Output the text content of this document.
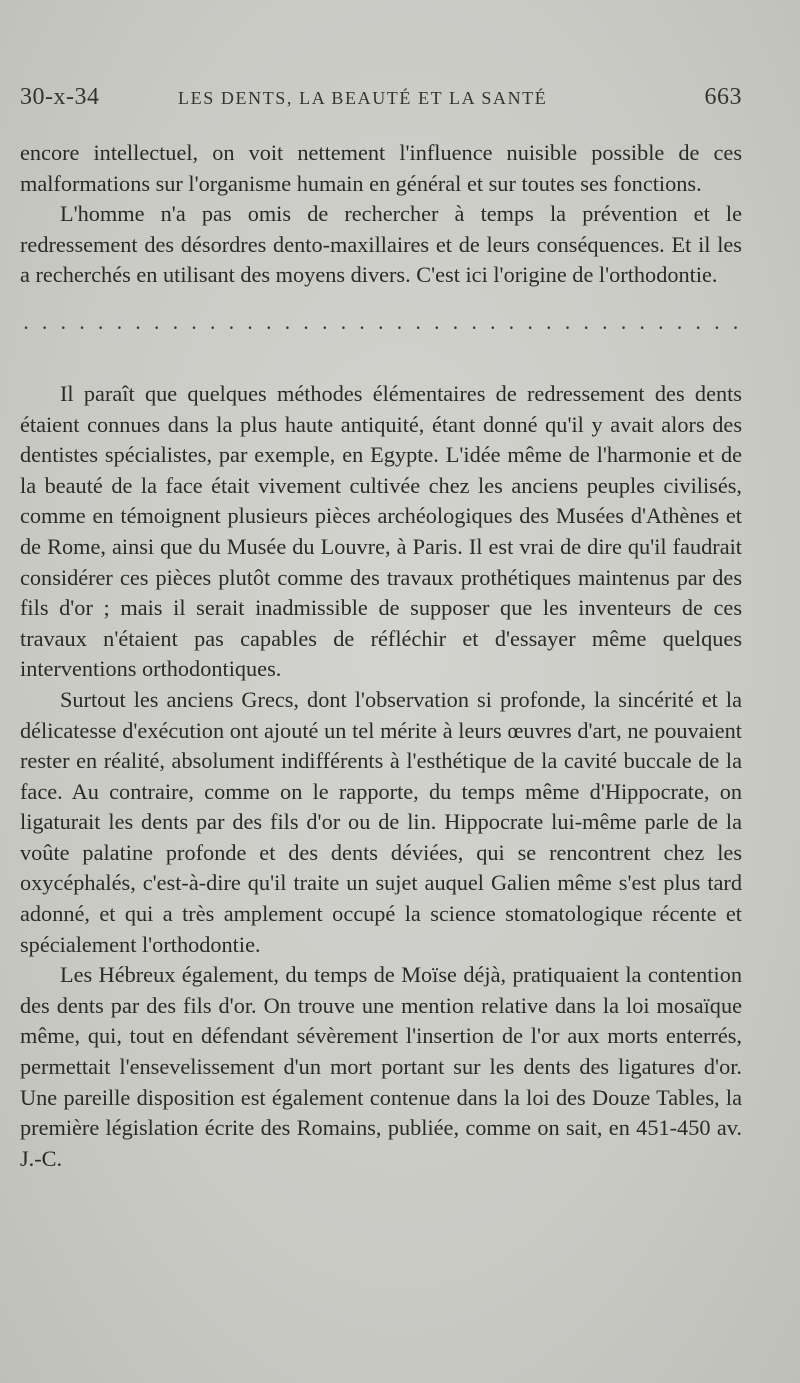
30-x-34	LES DENTS, LA BEAUTÉ ET LA SANTÉ	663

encore intellectuel, on voit nettement l'influence nuisible possible de ces malformations sur l'organisme humain en général et sur toutes ses fonctions.

L'homme n'a pas omis de rechercher à temps la prévention et le redressement des désordres dento-maxillaires et de leurs conséquences. Et il les a recherchés en utilisant des moyens divers. C'est ici l'origine de l'orthodontie.

· · · · · · · · · · · · · · · · · · · · · · · · · · · · · · · · · · · · · · ·

Il paraît que quelques méthodes élémentaires de redressement des dents étaient connues dans la plus haute antiquité, étant donné qu'il y avait alors des dentistes spécialistes, par exemple, en Egypte. L'idée même de l'harmonie et de la beauté de la face était vivement cultivée chez les anciens peuples civilisés, comme en témoignent plusieurs pièces archéologiques des Musées d'Athènes et de Rome, ainsi que du Musée du Louvre, à Paris. Il est vrai de dire qu'il faudrait considérer ces pièces plutôt comme des travaux prothétiques maintenus par des fils d'or ; mais il serait inadmissible de supposer que les inventeurs de ces travaux n'étaient pas capables de réfléchir et d'essayer même quelques interventions orthodontiques.

Surtout les anciens Grecs, dont l'observation si profonde, la sincérité et la délicatesse d'exécution ont ajouté un tel mérite à leurs œuvres d'art, ne pouvaient rester en réalité, absolument indifférents à l'esthétique de la cavité buccale de la face. Au contraire, comme on le rapporte, du temps même d'Hippocrate, on ligaturait les dents par des fils d'or ou de lin. Hippocrate lui-même parle de la voûte palatine profonde et des dents déviées, qui se rencontrent chez les oxycéphalés, c'est-à-dire qu'il traite un sujet auquel Galien même s'est plus tard adonné, et qui a très amplement occupé la science stomatologique récente et spécialement l'orthodontie.

Les Hébreux également, du temps de Moïse déjà, pratiquaient la contention des dents par des fils d'or. On trouve une mention relative dans la loi mosaïque même, qui, tout en défendant sévèrement l'insertion de l'or aux morts enterrés, permettait l'ensevelissement d'un mort portant sur les dents des ligatures d'or. Une pareille disposition est également contenue dans la loi des Douze Tables, la première législation écrite des Romains, publiée, comme on sait, en 451-450 av. J.-C.
